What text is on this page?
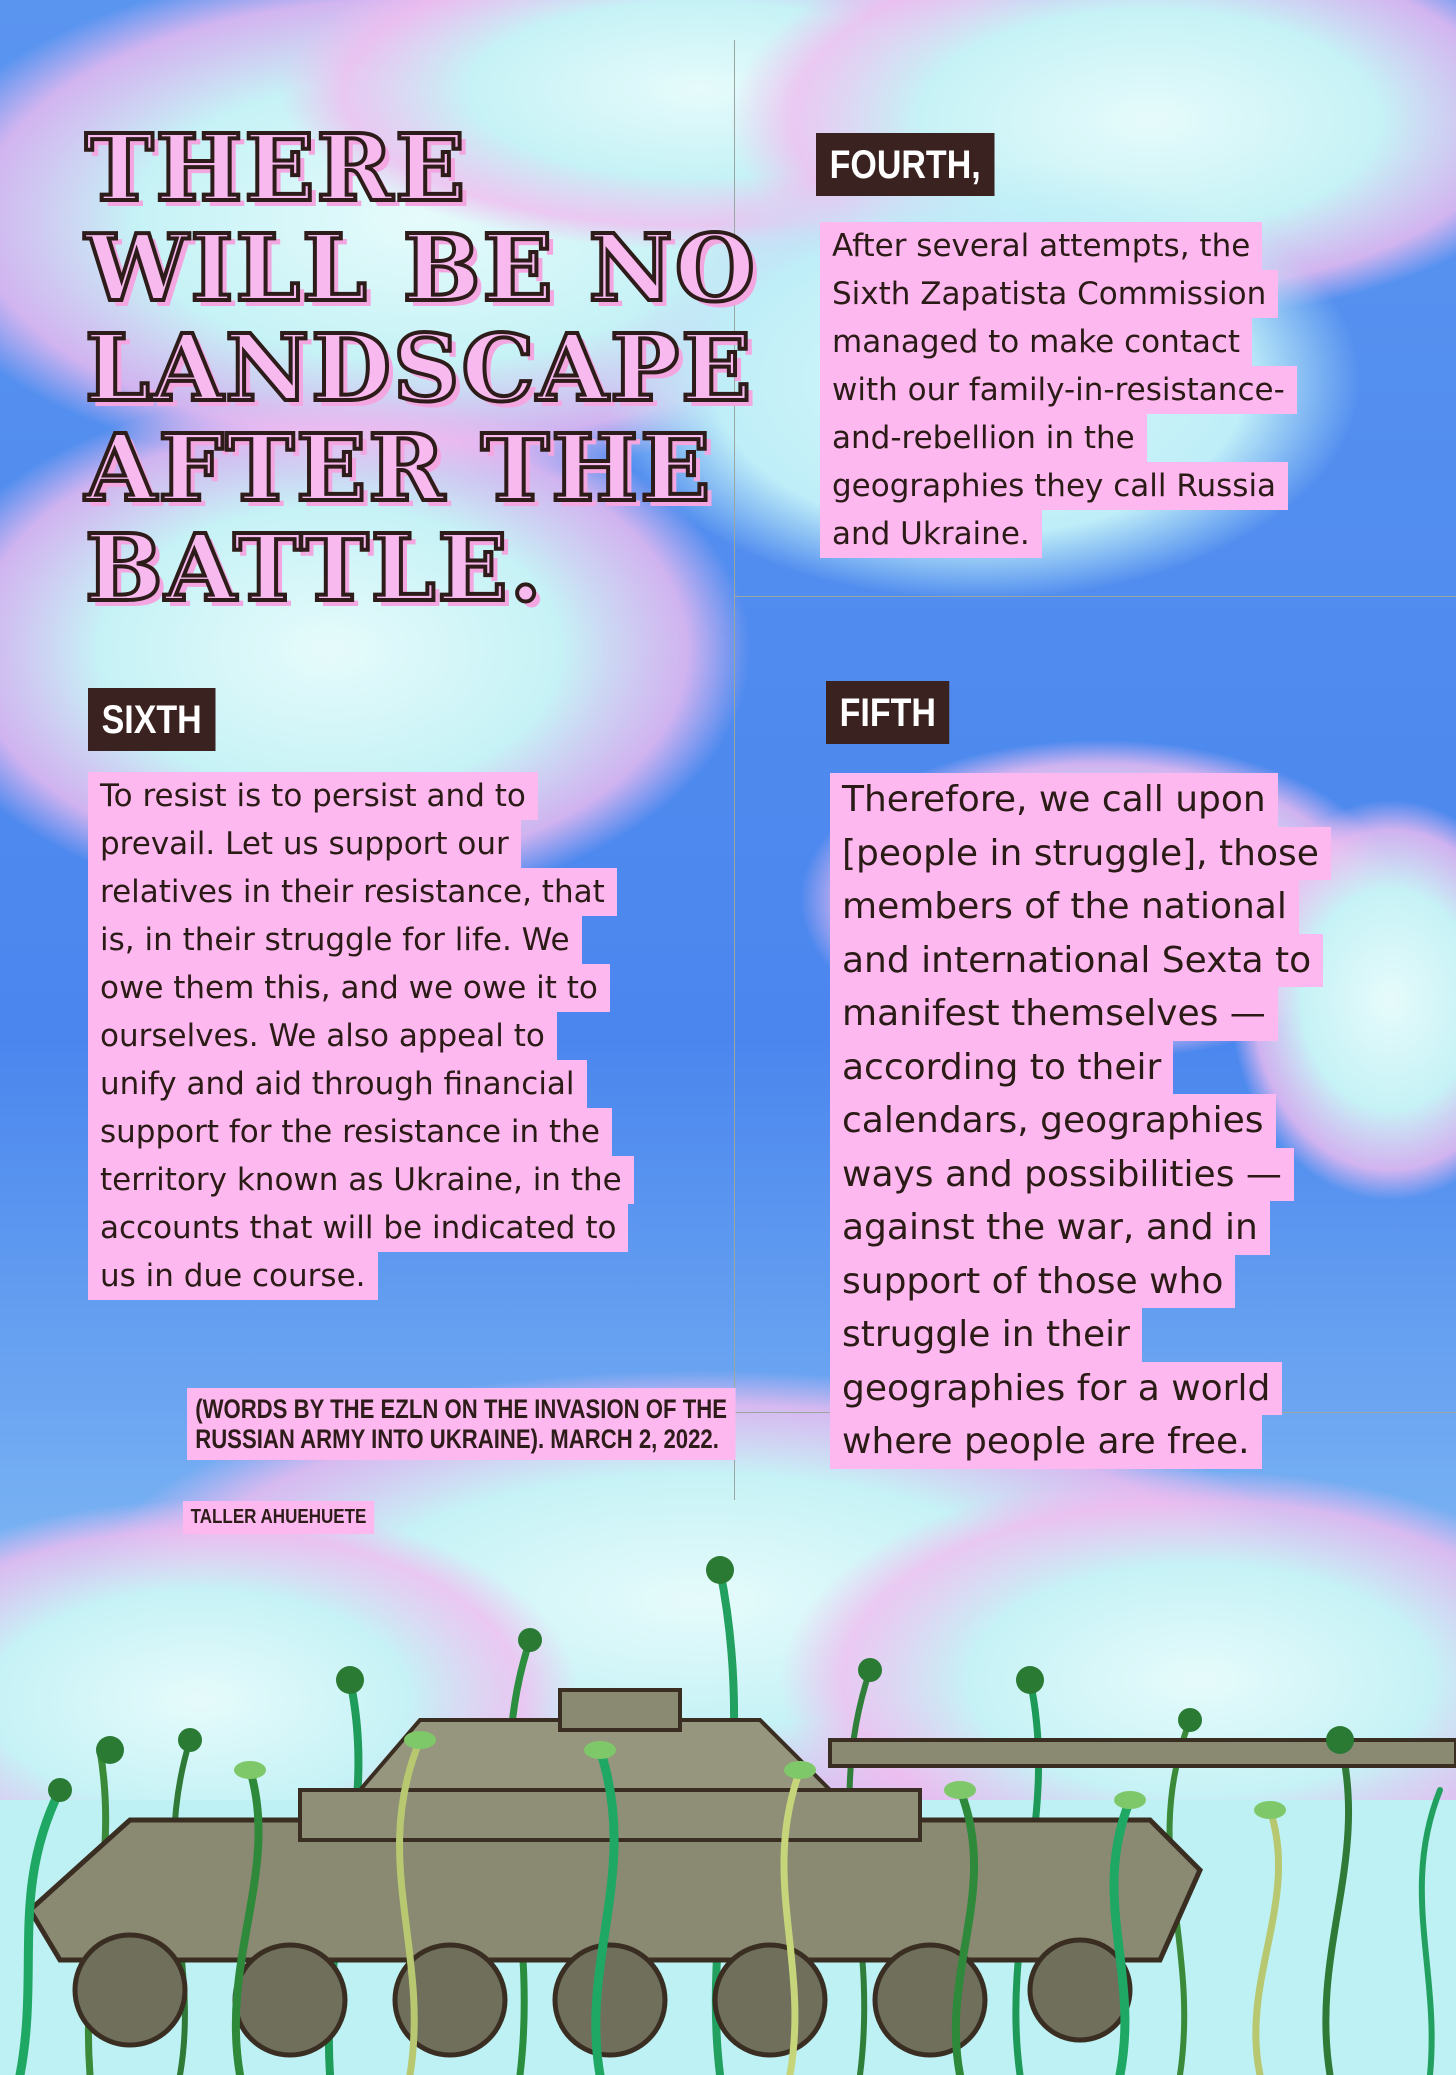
THERE
WILL BE NO
LANDSCAPE
AFTER THE
BATTLE.
FOURTH,
After several attempts, the
Sixth Zapatista Commission
managed to make contact
with our family-in-resistance-
and-rebellion in the
geographies they call Russia
and Ukraine.
SIXTH
To resist is to persist and to
prevail. Let us support our
relatives in their resistance, that
is, in their struggle for life. We
owe them this, and we owe it to
ourselves. We also appeal to
unify and aid through financial
support for the resistance in the
territory known as Ukraine, in the
accounts that will be indicated to
us in due course.
FIFTH
Therefore, we call upon
[people in struggle], those
members of the national
and international Sexta to
manifest themselves —
according to their
calendars, geographies
ways and possibilities —
against the war, and in
support of those who
struggle in their
geographies for a world
where people are free.
(WORDS BY THE EZLN ON THE INVASION OF THE
RUSSIAN ARMY INTO UKRAINE). MARCH 2, 2022.
TALLER AHUEHUETE
